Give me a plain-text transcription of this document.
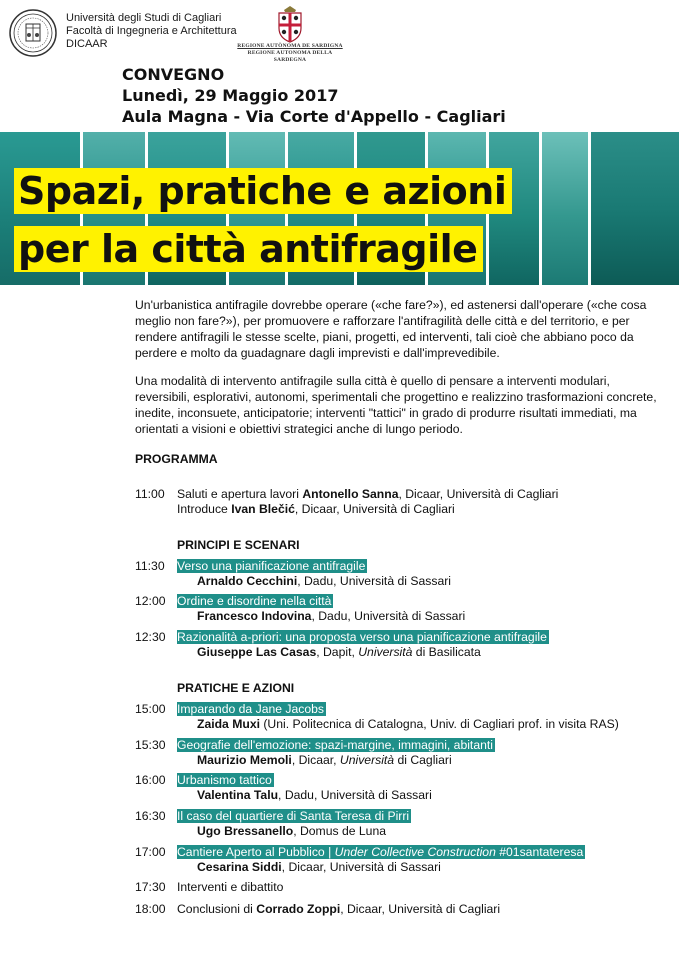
Università degli Studi di Cagliari
Facoltà di Ingegneria e Architettura
DICAAR	REGIONE AUTÒNOMA DE SARDIGNA
REGIONE AUTONOMA DELLA SARDEGNA
CONVEGNO
Lunedì, 29 Maggio 2017
Aula Magna - Via Corte d'Appello - Cagliari
Spazi, pratiche e azioni
per la città antifragile
Un'urbanistica antifragile dovrebbe operare («che fare?»), ed astenersi dall'operare («che cosa meglio non fare?»), per promuovere e rafforzare l'antifragilità delle città e del territorio, e per rendere antifragili le stesse scelte, piani, progetti, ed interventi, tali cioè che abbiano poco da perdere e molto da guadagnare dagli imprevisti e dall'imprevedibile.
Una modalità di intervento antifragile sulla città è quello di pensare a interventi modulari, reversibili, esplorativi, autonomi, sperimentali che progettino e realizzino trasformazioni concrete, inedite, inconsuete, anticipatorie; interventi "tattici" in grado di produrre risultati immediati, ma orientati a visioni e obiettivi strategici anche di lungo periodo.
PROGRAMMA
11:00 Saluti e apertura lavori Antonello Sanna, Dicaar, Università di Cagliari
Introduce Ivan Blečić, Dicaar, Università di Cagliari
PRINCIPI E SCENARI
11:30 Verso una pianificazione antifragile
Arnaldo Cecchini, Dadu, Università di Sassari
12:00 Ordine e disordine nella città
Francesco Indovina, Dadu, Università di Sassari
12:30 Razionalità a-priori: una proposta verso una pianificazione antifragile
Giuseppe Las Casas, Dapit, Università di Basilicata
PRATICHE E AZIONI
15:00 Imparando da Jane Jacobs
Zaida Muxi (Uni. Politecnica di Catalogna, Univ. di Cagliari prof. in visita RAS)
15:30 Geografie dell'emozione: spazi-margine, immagini, abitanti
Maurizio Memoli, Dicaar, Università di Cagliari
16:00 Urbanismo tattico
Valentina Talu, Dadu, Università di Sassari
16:30 Il caso del quartiere di Santa Teresa di Pirri
Ugo Bressanello, Domus de Luna
17:00 Cantiere Aperto al Pubblico | Under Collective Construction #01santateresa
Cesarina Siddi, Dicaar, Università di Sassari
17:30 Interventi e dibattito
18:00 Conclusioni di Corrado Zoppi, Dicaar, Università di Cagliari
